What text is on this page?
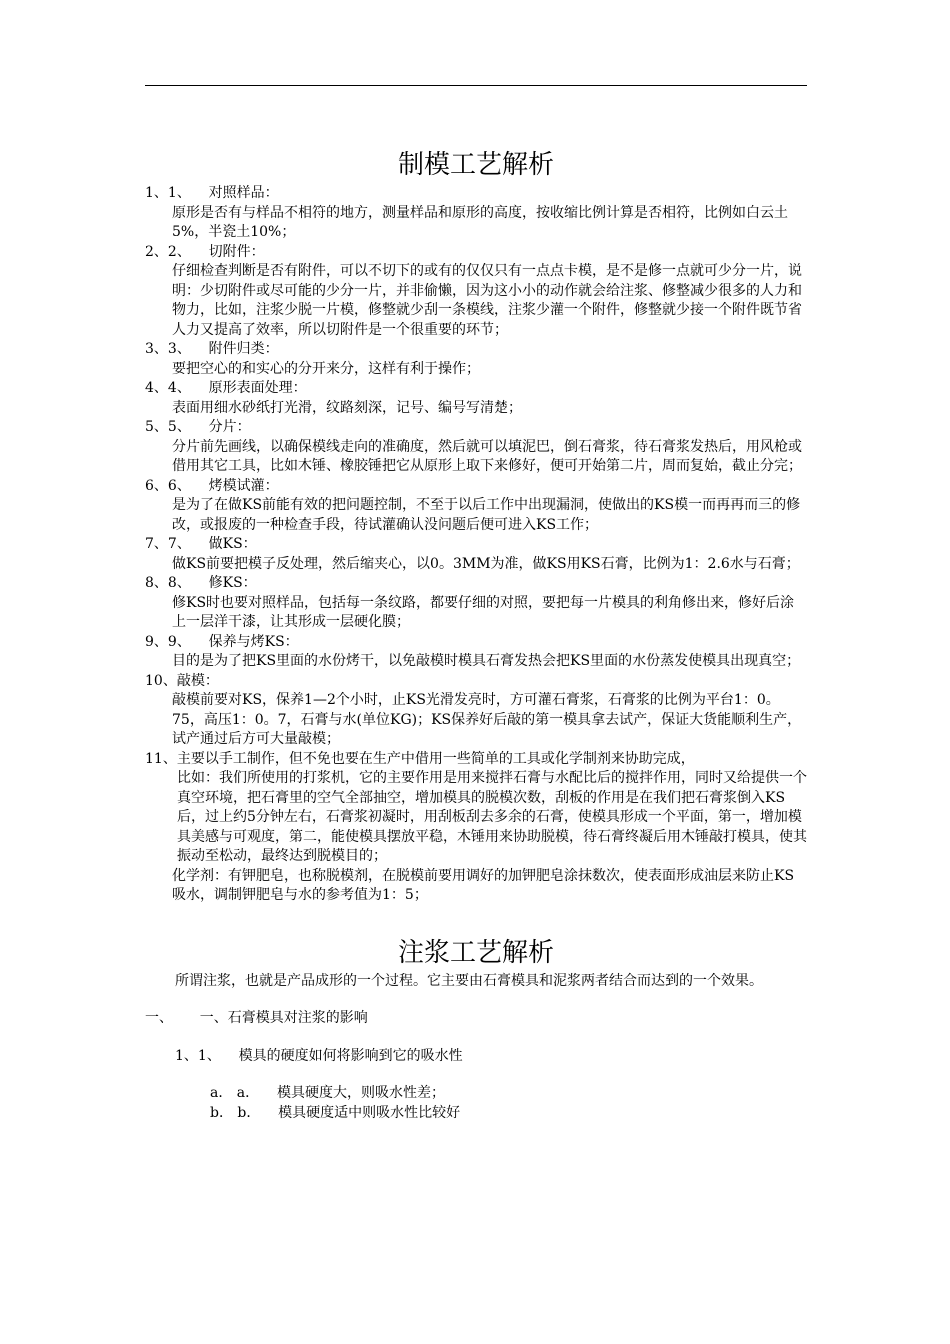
制模工艺解析
1、1、    对照样品：
原形是否有与样品不相符的地方，测量样品和原形的高度，按收缩比例计算是否相符，比例如白云土5%，半瓷土10%；
2、2、    切附件：
仔细检查判断是否有附件，可以不切下的或有的仅仅只有一点点卡模，是不是修一点就可少分一片，说明：少切附件或尽可能的少分一片，并非偷懒，因为这小小的动作就会给注浆、修整减少很多的人力和物力，比如，注浆少脱一片模，修整就少刮一条模线，注浆少灌一个附件，修整就少接一个附件既节省人力又提高了效率，所以切附件是一个很重要的环节；
3、3、    附件归类：
要把空心的和实心的分开来分，这样有利于操作；
4、4、    原形表面处理：
表面用细水砂纸打光滑，纹路刻深，记号、编号写清楚；
5、5、    分片：
分片前先画线，以确保模线走向的准确度，然后就可以填泥巴，倒石膏浆，待石膏浆发热后，用风枪或借用其它工具，比如木锤、橡胶锤把它从原形上取下来修好，便可开始第二片，周而复始，截止分完；
6、6、    烤模试灌：
是为了在做KS前能有效的把问题控制，不至于以后工作中出现漏洞，使做出的KS模一而再再而三的修改，或报废的一种检查手段，待试灌确认没问题后便可进入KS工作；
7、7、    做KS：
做KS前要把模子反处理，然后缩夹心，以0。3MM为准，做KS用KS石膏，比例为1：2.6水与石膏；
8、8、    修KS：
修KS时也要对照样品，包括每一条纹路，都要仔细的对照，要把每一片模具的利角修出来，修好后涂上一层洋干漆，让其形成一层硬化膜；
9、9、    保养与烤KS：
目的是为了把KS里面的水份烤干，以免敲模时模具石膏发热会把KS里面的水份蒸发使模具出现真空；
10、敲模：
敲模前要对KS，保养1—2个小时，止KS光滑发亮时，方可灌石膏浆，石膏浆的比例为平台1：0。75，高压1：0。7，石膏与水(单位KG)；KS保养好后敲的第一模具拿去试产，保证大货能顺利生产，试产通过后方可大量敲模；
11、主要以手工制作，但不免也要在生产中借用一些简单的工具或化学制剂来协助完成，
比如：我们所使用的打浆机，它的主要作用是用来搅拌石膏与水配比后的搅拌作用，同时又给提供一个真空环境，把石膏里的空气全部抽空，增加模具的脱模次数，刮板的作用是在我们把石膏浆倒入KS后，过上约5分钟左右，石膏浆初凝时，用刮板刮去多余的石膏，使模具形成一个平面，第一，增加模具美感与可观度，第二，能使模具摆放平稳，木锤用来协助脱模，待石膏终凝后用木锤敲打模具，使其振动至松动，最终达到脱模目的；
化学剂：有钾肥皂，也称脱模剂，在脱模前要用调好的加钾肥皂涂抹数次，使表面形成油层来防止KS吸水，调制钾肥皂与水的参考值为1：5；
注浆工艺解析
所谓注浆，也就是产品成形的一个过程。它主要由石膏模具和泥浆两者结合而达到的一个效果。
一、      一、石膏模具对注浆的影响
1、1、    模具的硬度如何将影响到它的吸水性
a． a．    模具硬度大，则吸水性差；
b． b．    模具硬度适中则吸水性比较好
